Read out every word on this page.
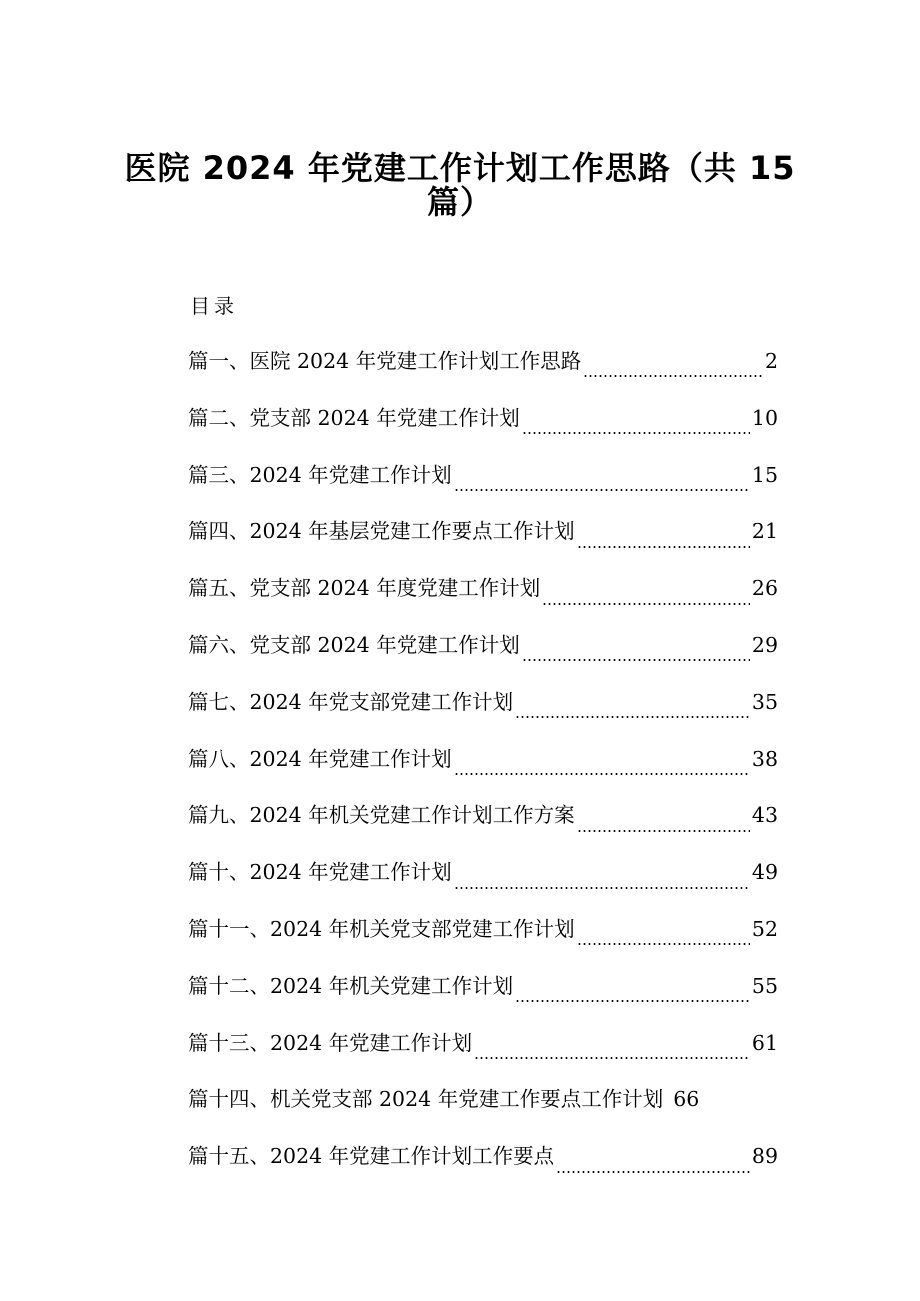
医院 2024 年党建工作计划工作思路（共 15
篇）
目录
篇一、医院 2024 年党建工作计划工作思路	2
篇二、党支部 2024 年党建工作计划	10
篇三、2024 年党建工作计划	15
篇四、2024 年基层党建工作要点工作计划	21
篇五、党支部 2024 年度党建工作计划	26
篇六、党支部 2024 年党建工作计划	29
篇七、2024 年党支部党建工作计划	35
篇八、2024 年党建工作计划	38
篇九、2024 年机关党建工作计划工作方案	43
篇十、2024 年党建工作计划	49
篇十一、2024 年机关党支部党建工作计划	52
篇十二、2024 年机关党建工作计划	55
篇十三、2024 年党建工作计划	61
篇十四、机关党支部 2024 年党建工作要点工作计划 66
篇十五、2024 年党建工作计划工作要点	89
